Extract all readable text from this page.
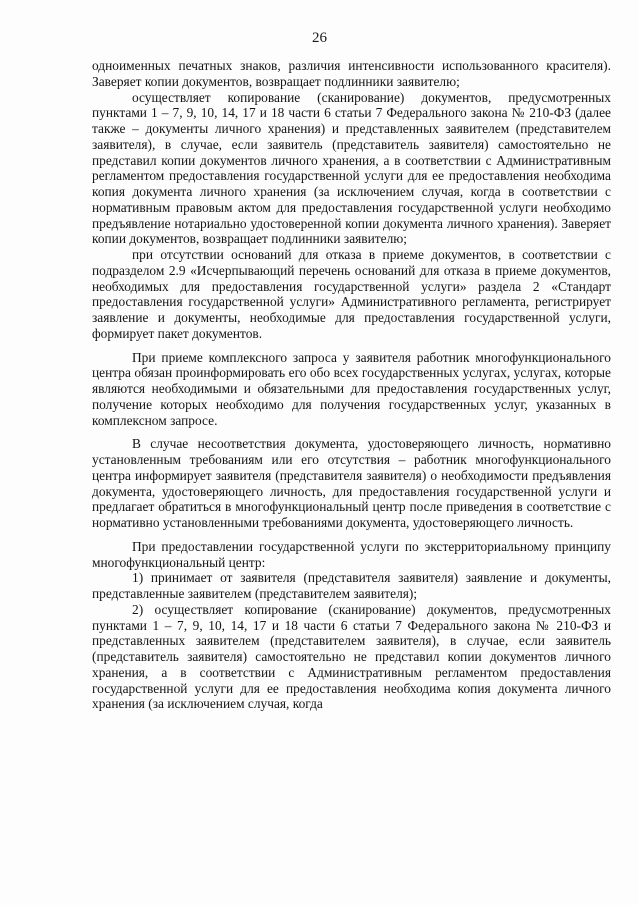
26

одноименных печатных знаков, различия интенсивности использованного красителя). Заверяет копии документов, возвращает подлинники заявителю;

осуществляет копирование (сканирование) документов, предусмотренных пунктами 1 – 7, 9, 10, 14, 17 и 18 части 6 статьи 7 Федерального закона № 210-ФЗ (далее также – документы личного хранения) и представленных заявителем (представителем заявителя), в случае, если заявитель (представитель заявителя) самостоятельно не представил копии документов личного хранения, а в соответствии с Административным регламентом предоставления государственной услуги для ее предоставления необходима копия документа личного хранения (за исключением случая, когда в соответствии с нормативным правовым актом для предоставления государственной услуги необходимо предъявление нотариально удостоверенной копии документа личного хранения). Заверяет копии документов, возвращает подлинники заявителю;

при отсутствии оснований для отказа в приеме документов, в соответствии с подразделом 2.9 «Исчерпывающий перечень оснований для отказа в приеме документов, необходимых для предоставления государственной услуги» раздела 2 «Стандарт предоставления государственной услуги» Административного регламента, регистрирует заявление и документы, необходимые для предоставления государственной услуги, формирует пакет документов.

При приеме комплексного запроса у заявителя работник многофункционального центра обязан проинформировать его обо всех государственных услугах, услугах, которые являются необходимыми и обязательными для предоставления государственных услуг, получение которых необходимо для получения государственных услуг, указанных в комплексном запросе.

В случае несоответствия документа, удостоверяющего личность, нормативно установленным требованиям или его отсутствия – работник многофункционального центра информирует заявителя (представителя заявителя) о необходимости предъявления документа, удостоверяющего личность, для предоставления государственной услуги и предлагает обратиться в многофункциональный центр после приведения в соответствие с нормативно установленными требованиями документа, удостоверяющего личность.

При предоставлении государственной услуги по экстерриториальному принципу многофункциональный центр:

1) принимает от заявителя (представителя заявителя) заявление и документы, представленные заявителем (представителем заявителя);

2) осуществляет копирование (сканирование) документов, предусмотренных пунктами 1 – 7, 9, 10, 14, 17 и 18 части 6 статьи 7 Федерального закона № 210-ФЗ и представленных заявителем (представителем заявителя), в случае, если заявитель (представитель заявителя) самостоятельно не представил копии документов личного хранения, а в соответствии с Административным регламентом предоставления государственной услуги для ее предоставления необходима копия документа личного хранения (за исключением случая, когда
